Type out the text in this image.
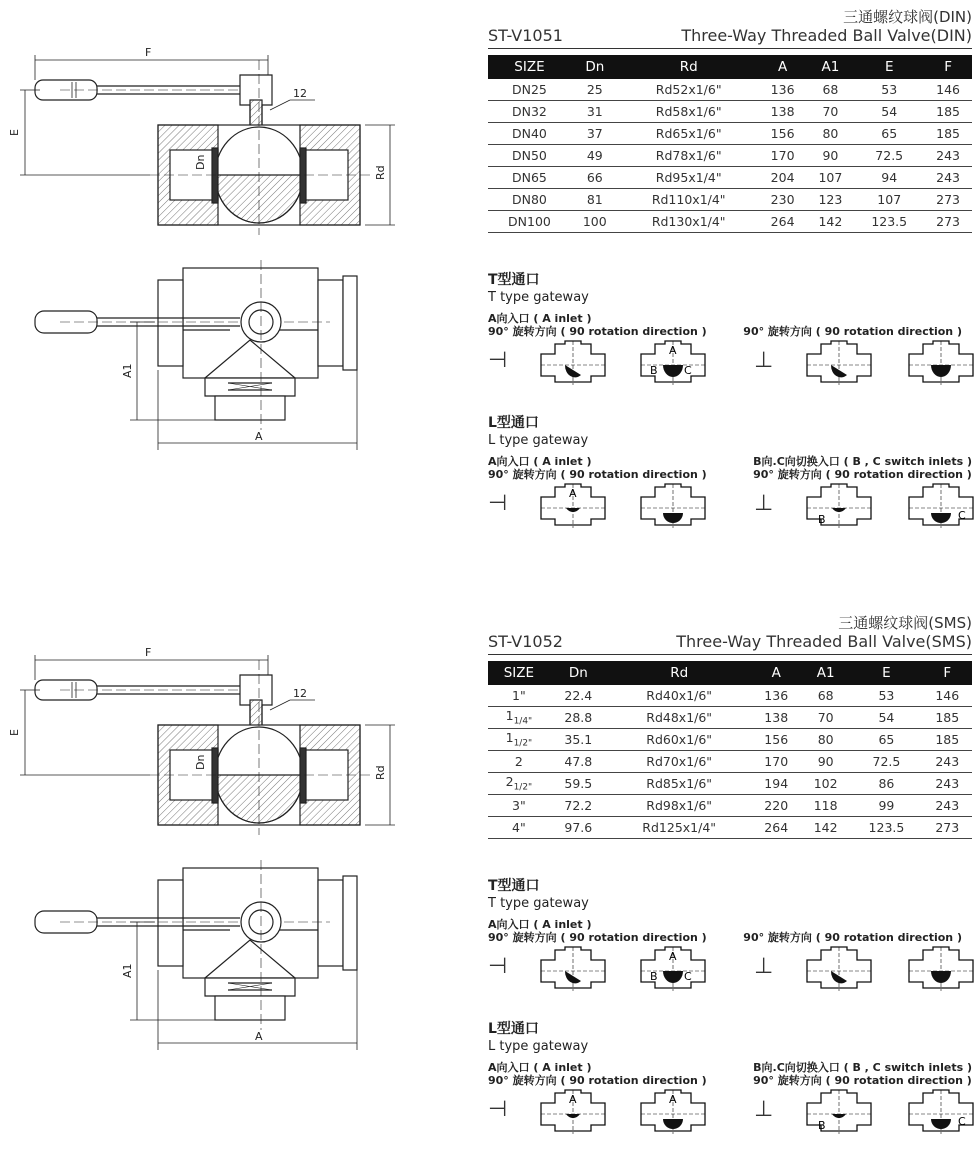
F
E
12
Dn
Rd
A1
A
三通螺纹球阀(DIN)
ST-V1051	Three-Way Threaded Ball Valve(DIN)
SIZE	Dn	Rd	A	A1	E	F
DN25	25	Rd52x1/6"	136	68	53	146
DN32	31	Rd58x1/6"	138	70	54	185
DN40	37	Rd65x1/6"	156	80	65	185
DN50	49	Rd78x1/6"	170	90	72.5	243
DN65	66	Rd95x1/4"	204	107	94	243
DN80	81	Rd110x1/4"	230	123	107	273
DN100	100	Rd130x1/4"	264	142	123.5	273
T型通口
T type gateway
A向入口 ( A inlet )
90° 旋转方向 ( 90 rotation direction )	90° 旋转方向 ( 90 rotation direction )
⊣	A
B C	⊥
L型通口
L type gateway
A向入口 ( A inlet )
90° 旋转方向 ( 90 rotation direction )
B向.C向切换入口 ( B , C switch inlets )
90° 旋转方向 ( 90 rotation direction )
A
⊣
B
⊥	C
F
E
12
Dn
Rd
A1
A
三通螺纹球阀(SMS)
ST-V1052	Three-Way Threaded Ball Valve(SMS)
SIZE	Dn	Rd	A	A1	E	F
1"	22.4	Rd40x1/6"	136	68	53	146
$1_{1/4"}$	28.8	Rd48x1/6"	138	70	54	185
$1_{1/2"}$	35.1	Rd60x1/6"	156	80	65	185
2	47.8	Rd70x1/6"	170	90	72.5	243
$2_{1/2"}$	59.5	Rd85x1/6"	194	102	86	243
3"	72.2	Rd98x1/6"	220	118	99	243
4"	97.6	Rd125x1/4"	264	142	123.5	273
T型通口
T type gateway
A向入口 ( A inlet )
90° 旋转方向 ( 90 rotation direction )	90° 旋转方向 ( 90 rotation direction )
⊣	A
B C	⊥
L型通口
L type gateway
A向入口 ( A inlet )
90° 旋转方向 ( 90 rotation direction )
B向.C向切换入口 ( B , C switch inlets )
90° 旋转方向 ( 90 rotation direction )
A
⊣	A
B
⊥	C
